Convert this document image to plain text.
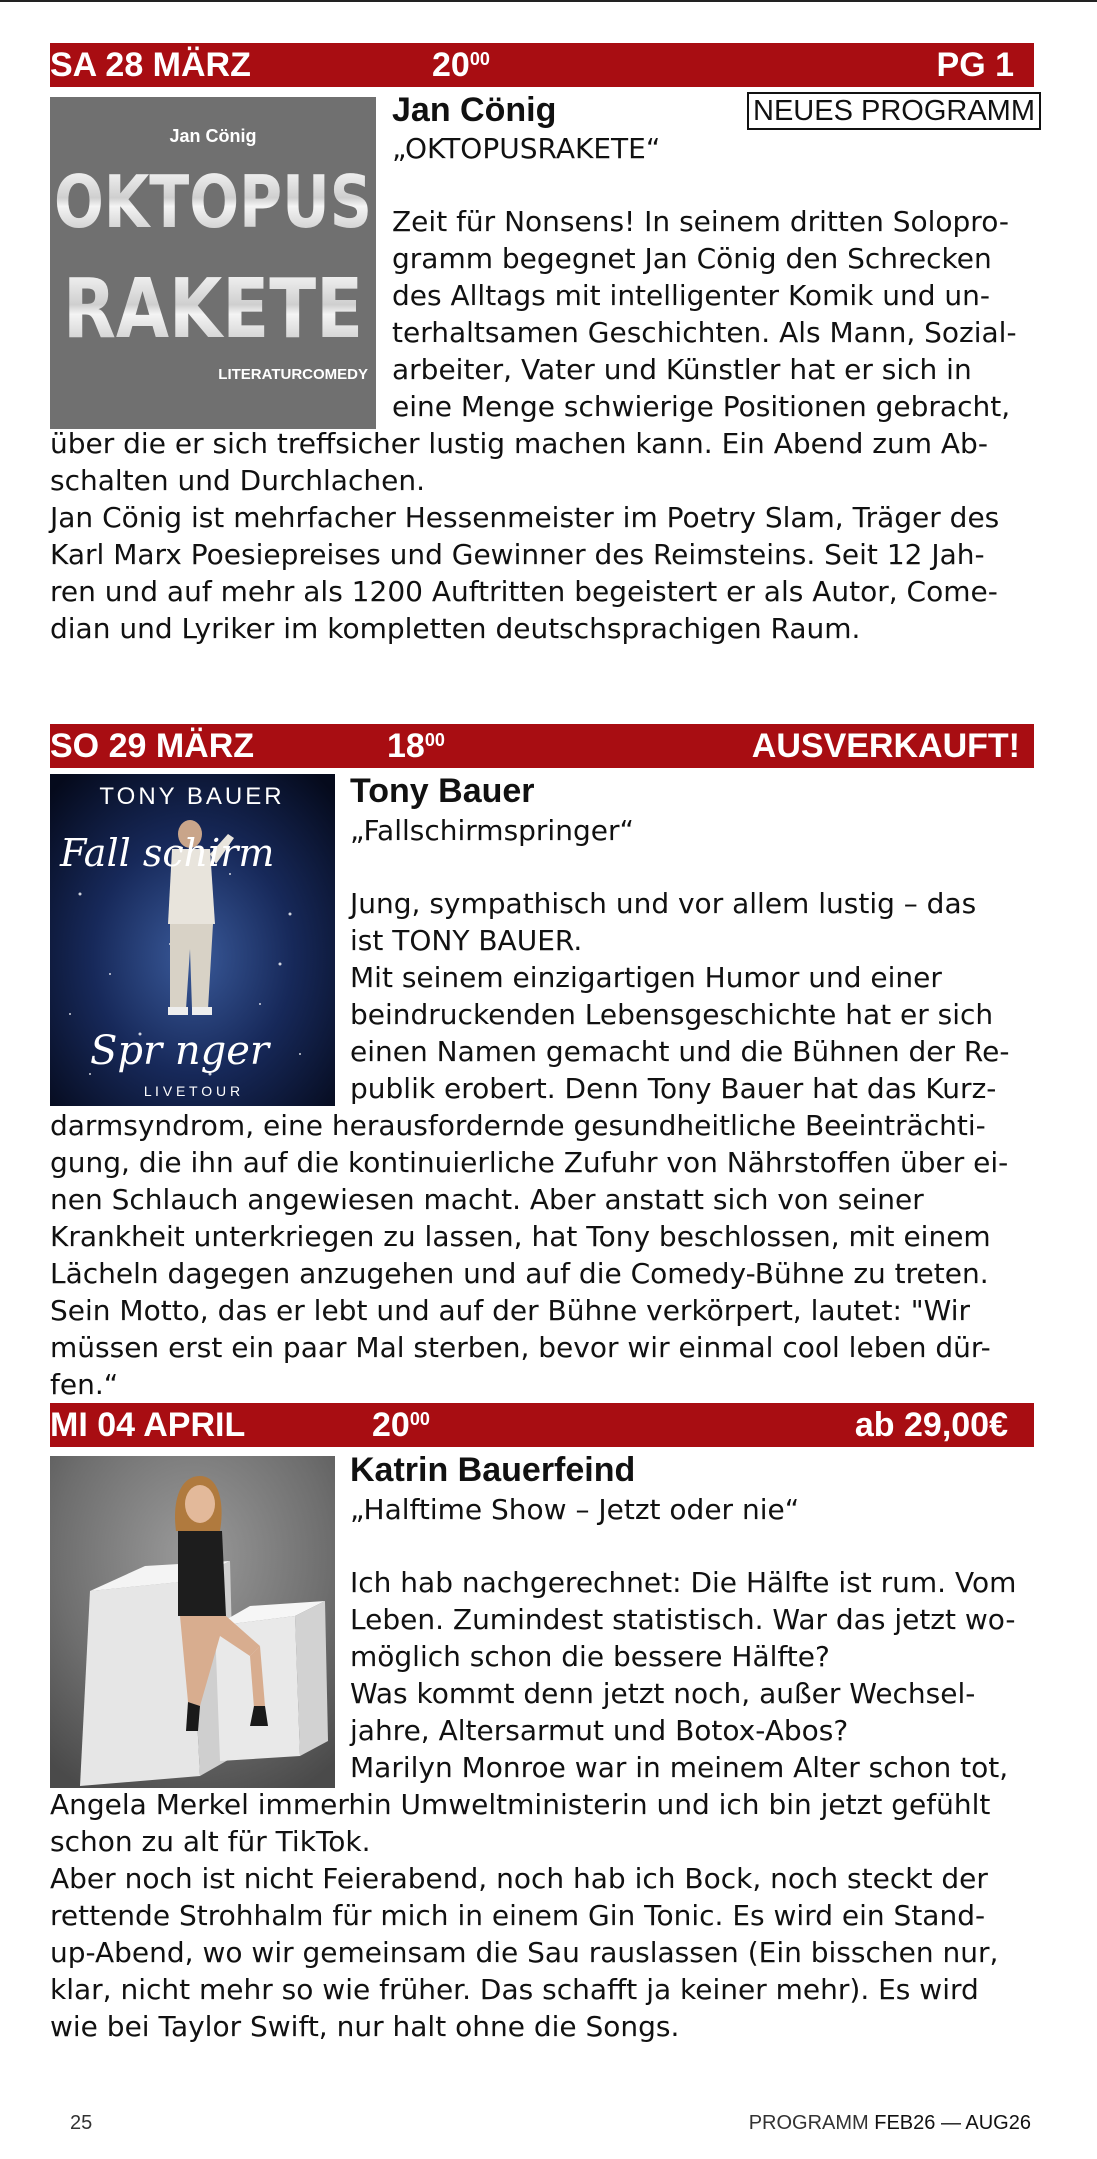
SA 28 MÄRZ	$20^{00}$	PG 1
Jan Cönig
OKTOPUS
RAKETE
LITERATURCOMEDY
Jan Cönig	NEUES PROGRAMM
„OKTOPUSRAKETE“
Zeit für Nonsens! In seinem dritten Solopro-
gramm begegnet Jan Cönig den Schrecken
des Alltags mit intelligenter Komik und un-
terhaltsamen Geschichten. Als Mann, Sozial-
arbeiter, Vater und Künstler hat er sich in
eine Menge schwierige Positionen gebracht,
über die er sich treffsicher lustig machen kann. Ein Abend zum Ab-
schalten und Durchlachen.
Jan Cönig ist mehrfacher Hessenmeister im Poetry Slam, Träger des
Karl Marx Poesiepreises und Gewinner des Reimsteins. Seit 12 Jah-
ren und auf mehr als 1200 Auftritten begeistert er als Autor, Come-
dian und Lyriker im kompletten deutschsprachigen Raum.
SO 29 MÄRZ	$18^{00}$	AUSVERKAUFT!
TONY BAUER
Fall schirm
Spr nger
L I V E T O U R
Tony Bauer
„Fallschirmspringer“
Jung, sympathisch und vor allem lustig – das
ist TONY BAUER.
Mit seinem einzigartigen Humor und einer
beindruckenden Lebensgeschichte hat er sich
einen Namen gemacht und die Bühnen der Re-
publik erobert. Denn Tony Bauer hat das Kurz-
darmsyndrom, eine herausfordernde gesundheitliche Beeinträchti-
gung, die ihn auf die kontinuierliche Zufuhr von Nährstoffen über ei-
nen Schlauch angewiesen macht. Aber anstatt sich von seiner
Krankheit unterkriegen zu lassen, hat Tony beschlossen, mit einem
Lächeln dagegen anzugehen und auf die Comedy-Bühne zu treten.
Sein Motto, das er lebt und auf der Bühne verkörpert, lautet: "Wir
müssen erst ein paar Mal sterben, bevor wir einmal cool leben dür-
fen.“
MI 04 APRIL	$20^{00}$	ab 29,00€
Katrin Bauerfeind
„Halftime Show – Jetzt oder nie“
Ich hab nachgerechnet: Die Hälfte ist rum. Vom
Leben. Zumindest statistisch. War das jetzt wo-
möglich schon die bessere Hälfte?
Was kommt denn jetzt noch, außer Wechsel-
jahre, Altersarmut und Botox-Abos?
Marilyn Monroe war in meinem Alter schon tot,
Angela Merkel immerhin Umweltministerin und ich bin jetzt gefühlt
schon zu alt für TikTok.
Aber noch ist nicht Feierabend, noch hab ich Bock, noch steckt der
rettende Strohhalm für mich in einem Gin Tonic. Es wird ein Stand-
up-Abend, wo wir gemeinsam die Sau rauslassen (Ein bisschen nur,
klar, nicht mehr so wie früher. Das schafft ja keiner mehr). Es wird
wie bei Taylor Swift, nur halt ohne die Songs.
25	PROGRAMM FEB26 — AUG26
